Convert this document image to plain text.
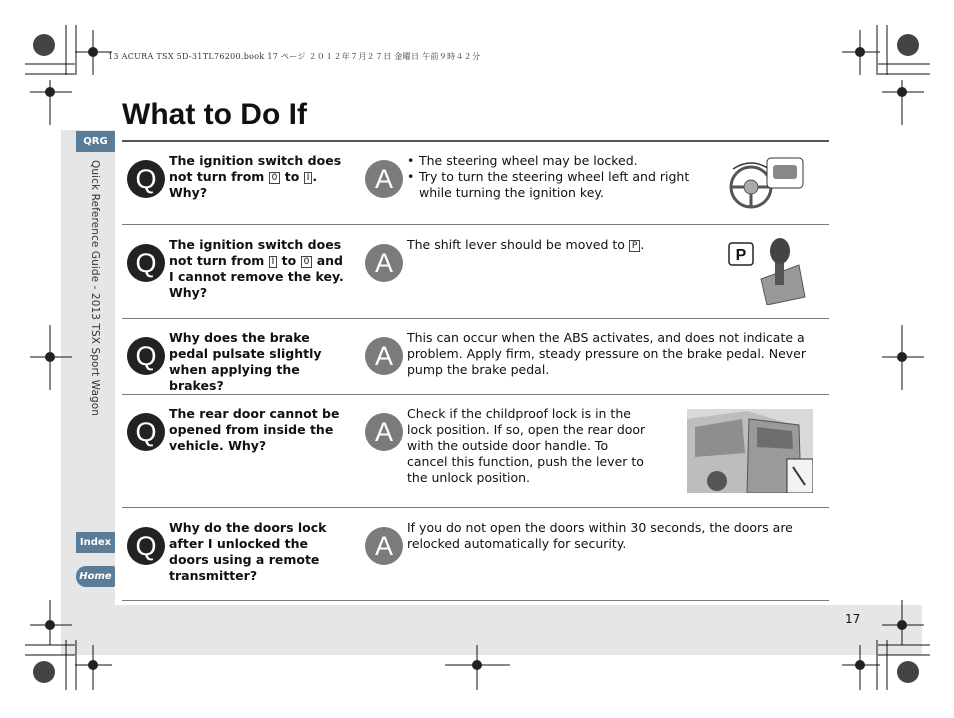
13 ACURA TSX 5D-31TL76200.book 17 ページ ２０１２年７月２７日 金曜日 午前９時４２分
QRG
Quick Reference Guide - 2013 TSX Sport Wagon
Index
Home
What to Do If
Q
The ignition switch does
not turn from 0 to I .
Why?	A
• The steering wheel may be locked.
• Try to turn the steering wheel left and right while turning the ignition key.
Q
The ignition switch does
not turn from I to 0 and
I cannot remove the key.
Why?
A
The shift lever should be moved to P .
P
Q
Why does the brake pedal pulsate slightly when applying the brakes?
A
This can occur when the ABS activates, and does not indicate a problem. Apply firm, steady pressure on the brake pedal. Never pump the brake pedal.
Q
The rear door cannot be opened from inside the vehicle. Why?	A
Check if the childproof lock is in the lock position. If so, open the rear door with the outside door handle. To cancel this function, push the lever to the unlock position.
Q
Why do the doors lock after I unlocked the doors using a remote transmitter?
A
If you do not open the doors within 30 seconds, the doors are relocked automatically for security.
17
